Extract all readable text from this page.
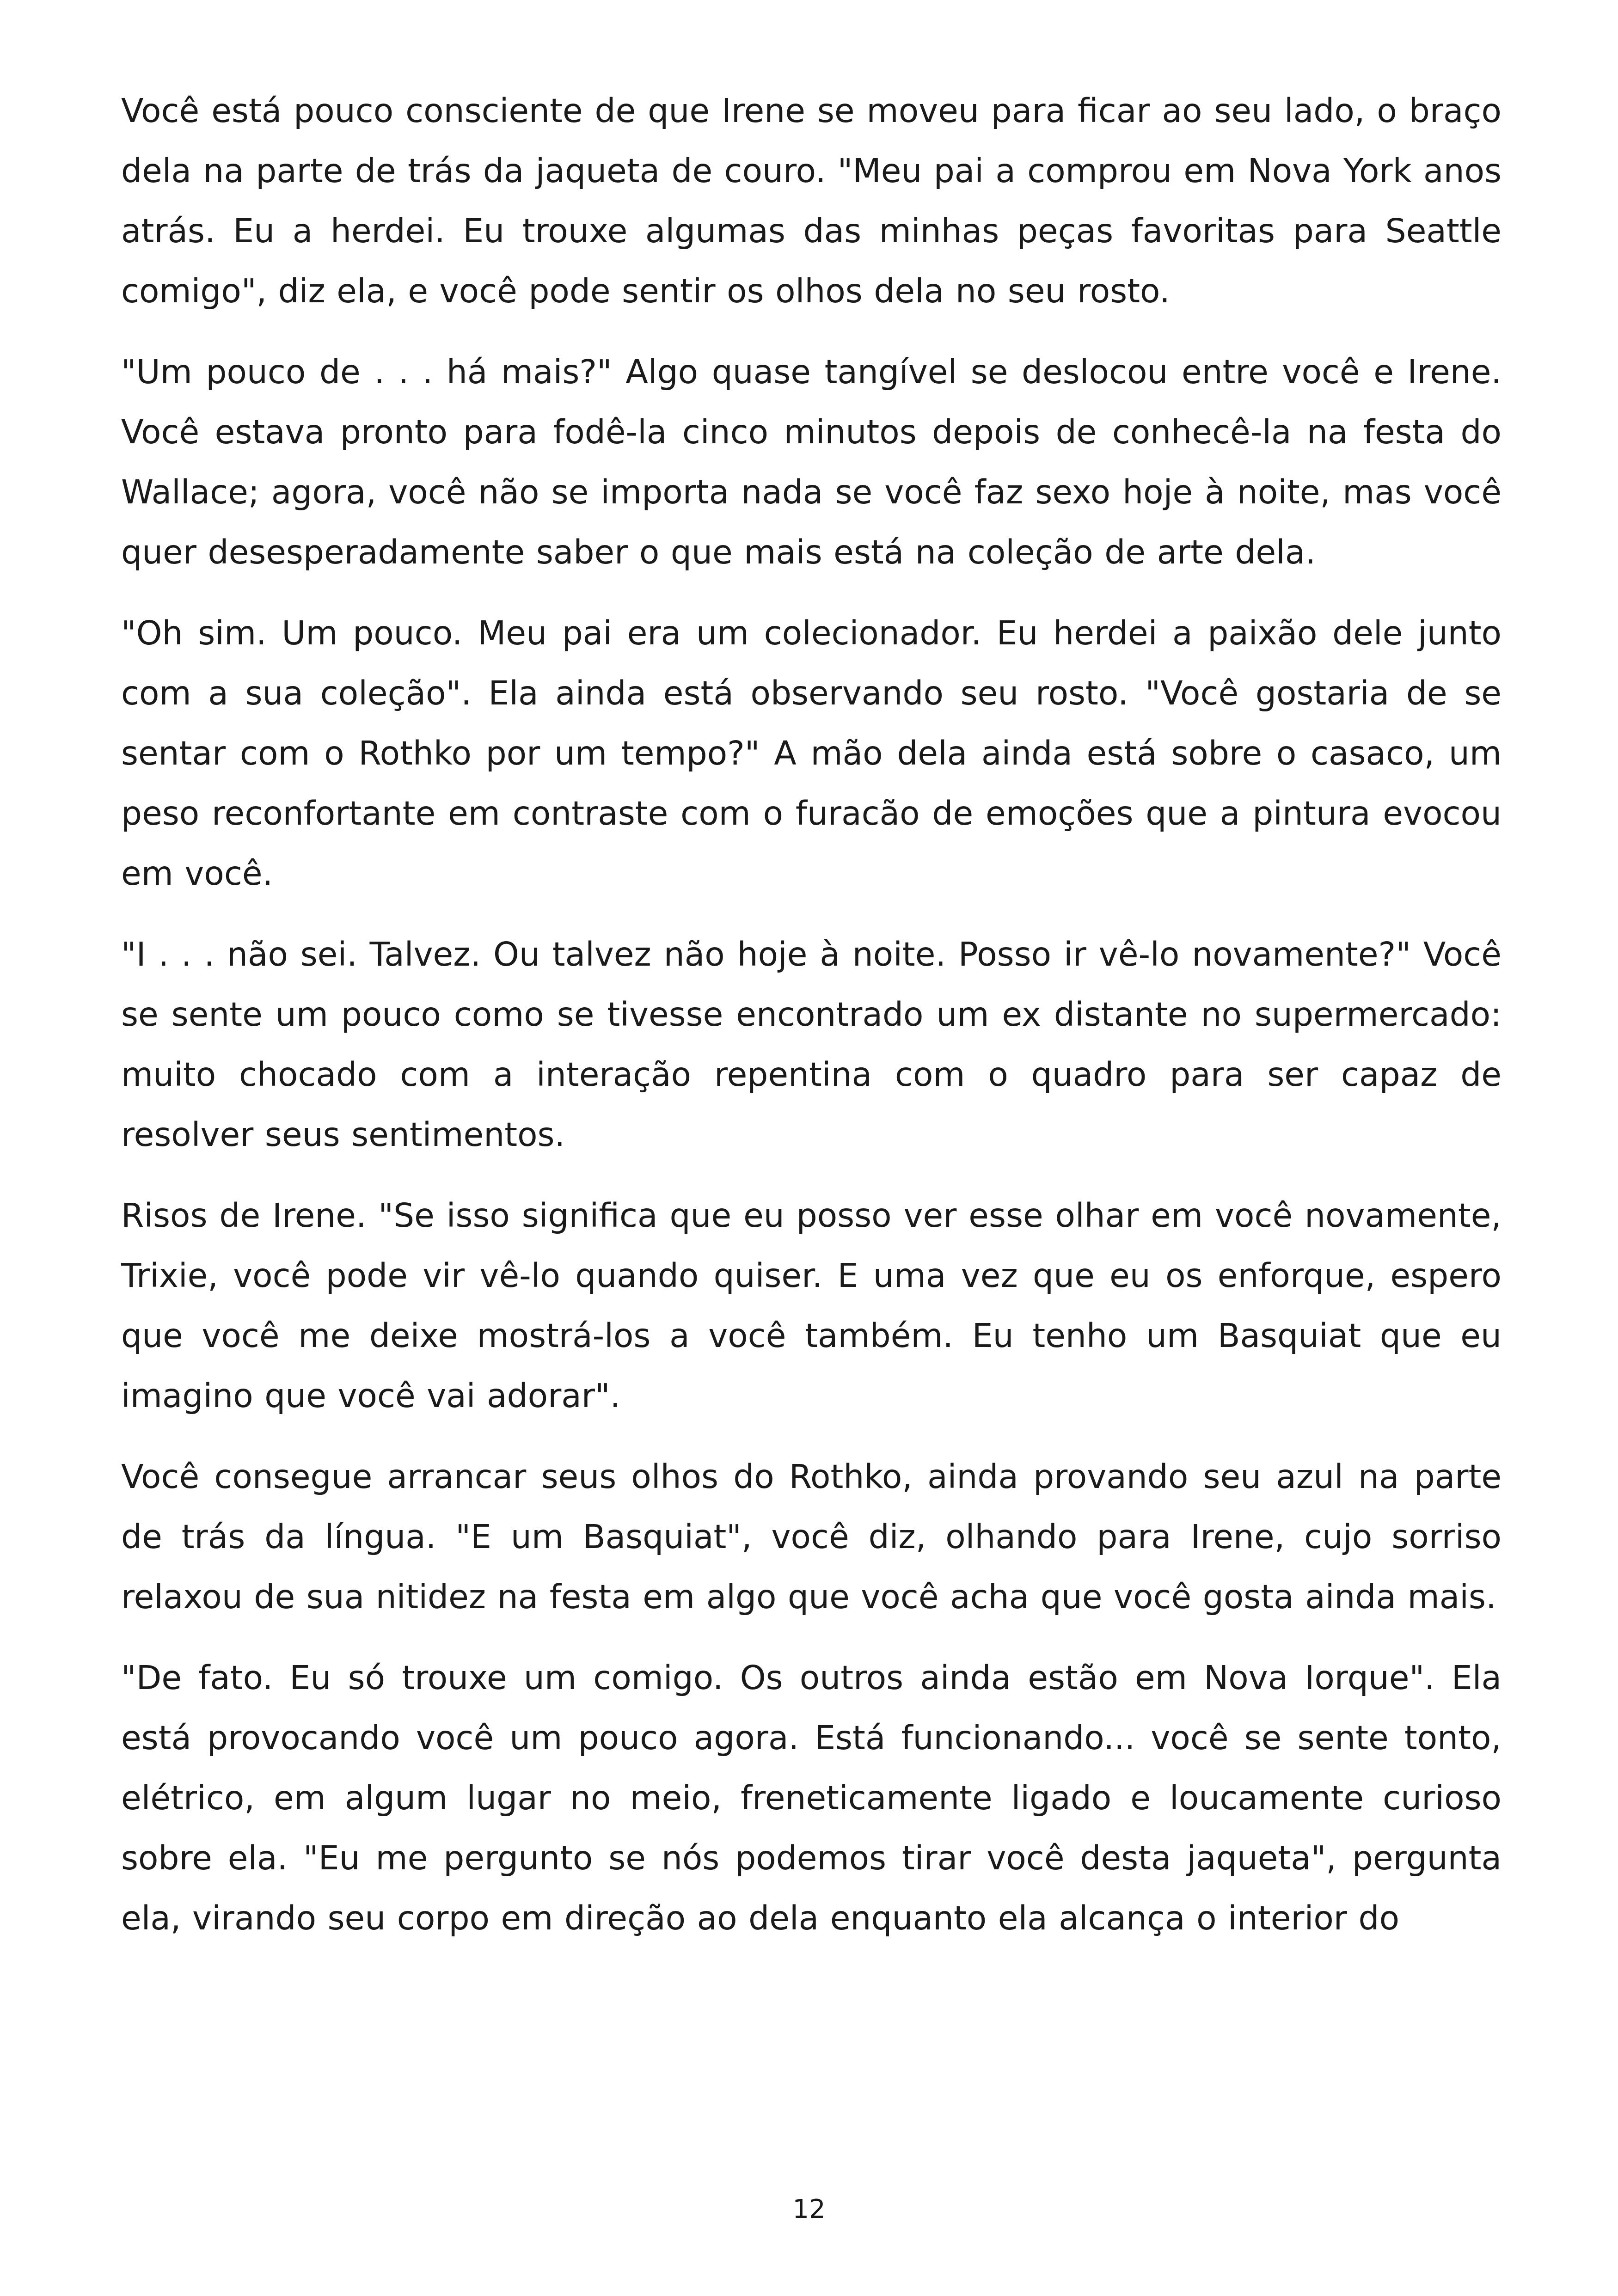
Você está pouco consciente de que Irene se moveu para ficar ao seu lado, o braço dela na parte de trás da jaqueta de couro. "Meu pai a comprou em Nova York anos atrás. Eu a herdei. Eu trouxe algumas das minhas peças favoritas para Seattle comigo", diz ela, e você pode sentir os olhos dela no seu rosto.

"Um pouco de . . . há mais?" Algo quase tangível se deslocou entre você e Irene. Você estava pronto para fodê-la cinco minutos depois de conhecê-la na festa do Wallace; agora, você não se importa nada se você faz sexo hoje à noite, mas você quer desesperadamente saber o que mais está na coleção de arte dela.

"Oh sim. Um pouco. Meu pai era um colecionador. Eu herdei a paixão dele junto com a sua coleção". Ela ainda está observando seu rosto. "Você gostaria de se sentar com o Rothko por um tempo?" A mão dela ainda está sobre o casaco, um peso reconfortante em contraste com o furacão de emoções que a pintura evocou em você.

"I . . . não sei. Talvez. Ou talvez não hoje à noite. Posso ir vê-lo novamente?" Você se sente um pouco como se tivesse encontrado um ex distante no supermercado: muito chocado com a interação repentina com o quadro para ser capaz de resolver seus sentimentos.

Risos de Irene. "Se isso significa que eu posso ver esse olhar em você novamente, Trixie, você pode vir vê-lo quando quiser. E uma vez que eu os enforque, espero que você me deixe mostrá-los a você também. Eu tenho um Basquiat que eu imagino que você vai adorar".

Você consegue arrancar seus olhos do Rothko, ainda provando seu azul na parte de trás da língua. "E um Basquiat", você diz, olhando para Irene, cujo sorriso relaxou de sua nitidez na festa em algo que você acha que você gosta ainda mais.

"De fato. Eu só trouxe um comigo. Os outros ainda estão em Nova Iorque". Ela está provocando você um pouco agora. Está funcionando... você se sente tonto, elétrico, em algum lugar no meio, freneticamente ligado e loucamente curioso sobre ela. "Eu me pergunto se nós podemos tirar você desta jaqueta", pergunta ela, virando seu corpo em direção ao dela enquanto ela alcança o interior do

12
